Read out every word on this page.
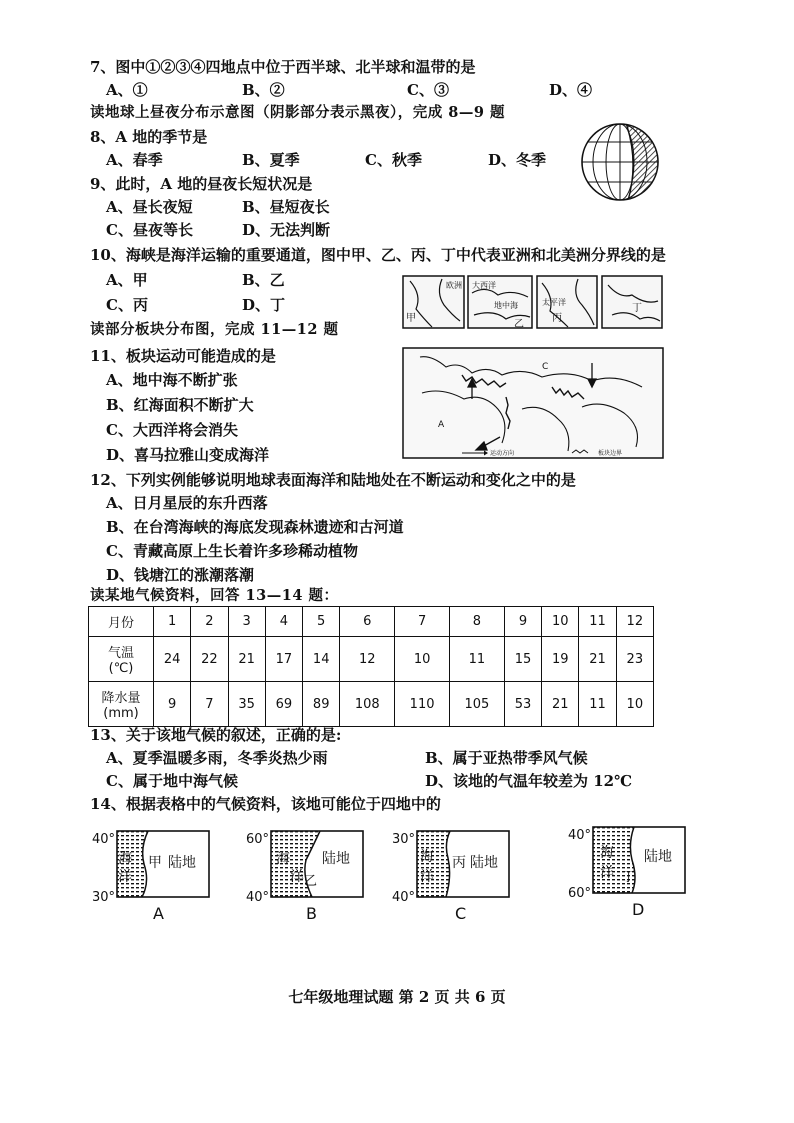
7、图中①②③④四地点中位于西半球、北半球和温带的是
A、①	B、②	C、③	D、④
读地球上昼夜分布示意图（阴影部分表示黑夜），完成 8—9 题
8、A 地的季节是
A、春季	B、夏季	C、秋季	D、冬季
9、此时，A 地的昼夜长短状况是
A、昼长夜短	B、昼短夜长
C、昼夜等长	D、无法判断
10、海峡是海洋运输的重要通道，图中甲、乙、丙、丁中代表亚洲和北美洲分界线的是
A、甲	B、乙
C、丙	D、丁
欧洲
甲
大西洋
地中海
乙
太平洋
丙
丁
读部分板块分布图，完成 11—12 题
11、板块运动可能造成的是
A、地中海不断扩张
B、红海面积不断扩大
C、大西洋将会消失
D、喜马拉雅山变成海洋
A
C
运动方向	板块边界
12、下列实例能够说明地球表面海洋和陆地处在不断运动和变化之中的是
A、日月星辰的东升西落
B、在台湾海峡的海底发现森林遗迹和古河道
C、青藏高原上生长着许多珍稀动植物
D、钱塘江的涨潮落潮
读某地气候资料，回答 13—14 题：
月份	1	2	3	4	5	6	7	8	9	10	11	12

气温
(℃)	24	22	21	17	14	12	10	11	15	19	21	23

降水量
(mm)	9	7	35	69	89	108	110	105	53	21	11	10
13、关于该地气候的叙述，正确的是:
A、夏季温暖多雨，冬季炎热少雨	B、属于亚热带季风气候
C、属于地中海气候	D、该地的气温年较差为 12℃
14、根据表格中的气候资料，该地可能位于四地中的
40°
30°
海
洋
甲 陆地
A
60°
40°
海
洋 乙
陆地
B
30°
40°
海
洋
丙 陆地
C
40°
60°
海
洋 丁
陆地
D
七年级地理试题 第 2 页 共 6 页
